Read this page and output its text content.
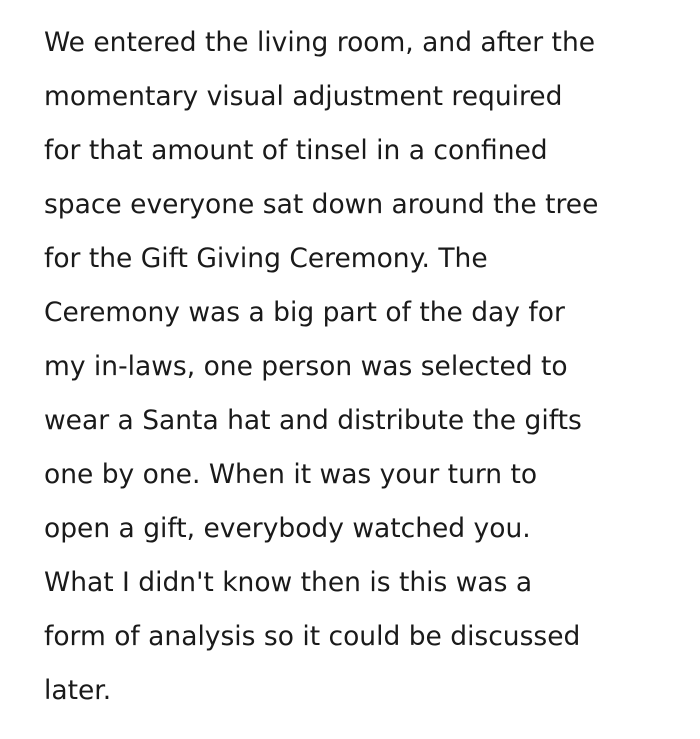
We entered the living room, and after the
momentary visual adjustment required
for that amount of tinsel in a confined
space everyone sat down around the tree
for the Gift Giving Ceremony. The
Ceremony was a big part of the day for
my in-laws, one person was selected to
wear a Santa hat and distribute the gifts
one by one. When it was your turn to
open a gift, everybody watched you.
What I didn't know then is this was a
form of analysis so it could be discussed
later.
